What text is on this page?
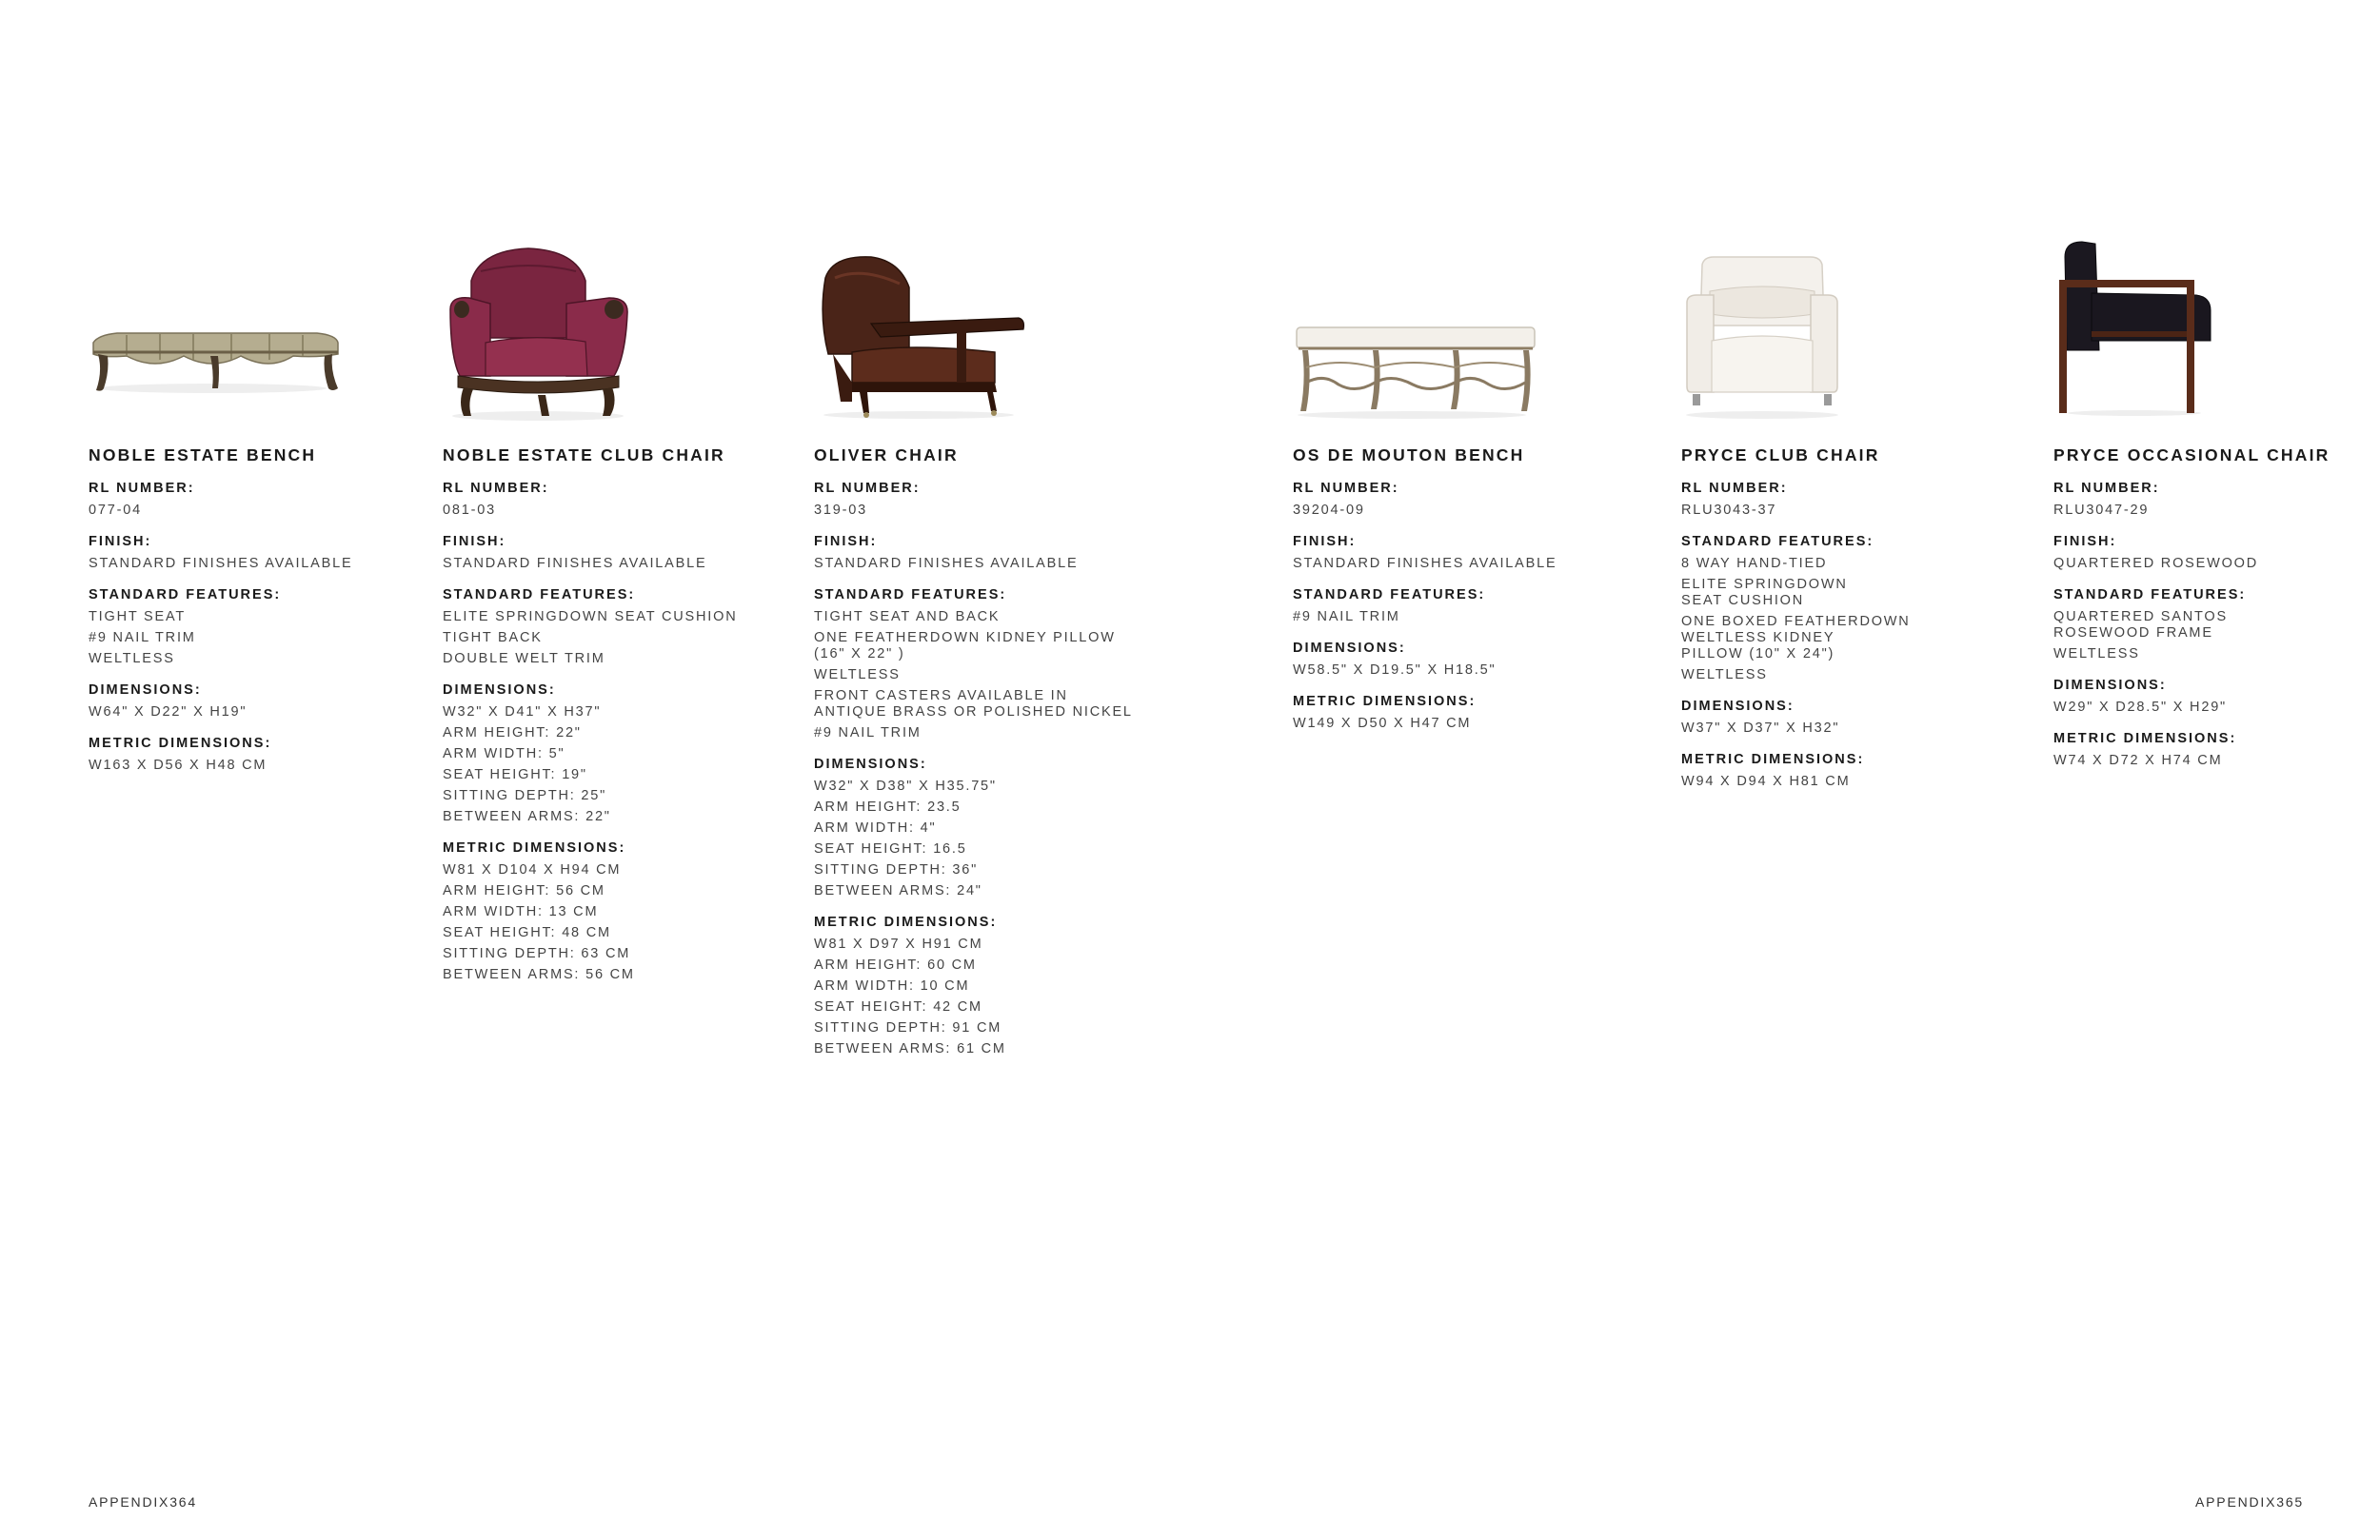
NOBLE ESTATE BENCH

RL NUMBER:

077-04

FINISH:

STANDARD FINISHES AVAILABLE

STANDARD FEATURES:

TIGHT SEAT

#9 NAIL TRIM

WELTLESS

DIMENSIONS:

W64" X D22" X H19"

METRIC DIMENSIONS:

W163 X D56 X H48 CM

NOBLE ESTATE CLUB CHAIR

RL NUMBER:

081-03

FINISH:

STANDARD FINISHES AVAILABLE

STANDARD FEATURES:

ELITE SPRINGDOWN SEAT CUSHION

TIGHT BACK

DOUBLE WELT TRIM

DIMENSIONS:

W32" X D41" X H37"

ARM HEIGHT: 22"

ARM WIDTH: 5"

SEAT HEIGHT: 19"

SITTING DEPTH: 25"

BETWEEN ARMS: 22"

METRIC DIMENSIONS:

W81 X D104 X H94 CM

ARM HEIGHT: 56 CM

ARM WIDTH: 13 CM

SEAT HEIGHT: 48 CM

SITTING DEPTH: 63 CM

BETWEEN ARMS: 56 CM

OLIVER CHAIR

RL NUMBER:

319-03

FINISH:

STANDARD FINISHES AVAILABLE

STANDARD FEATURES:

TIGHT SEAT AND BACK

ONE FEATHERDOWN KIDNEY PILLOW
(16" X 22" )

WELTLESS

FRONT CASTERS AVAILABLE IN
ANTIQUE BRASS OR POLISHED NICKEL

#9 NAIL TRIM

DIMENSIONS:

W32" X D38" X H35.75"

ARM HEIGHT: 23.5

ARM WIDTH: 4"

SEAT HEIGHT: 16.5

SITTING DEPTH: 36"

BETWEEN ARMS: 24"

METRIC DIMENSIONS:

W81 X D97 X H91 CM

ARM HEIGHT: 60 CM

ARM WIDTH: 10 CM

SEAT HEIGHT: 42 CM

SITTING DEPTH: 91 CM

BETWEEN ARMS: 61 CM

OS DE MOUTON BENCH

RL NUMBER:

39204-09

FINISH:

STANDARD FINISHES AVAILABLE

STANDARD FEATURES:

#9 NAIL TRIM

DIMENSIONS:

W58.5" X D19.5" X H18.5"

METRIC DIMENSIONS:

W149 X D50 X H47 CM

PRYCE CLUB CHAIR

RL NUMBER:

RLU3043-37

STANDARD FEATURES:

8 WAY HAND-TIED

ELITE SPRINGDOWN
SEAT CUSHION

ONE BOXED FEATHERDOWN
WELTLESS KIDNEY
PILLOW (10" X 24")

WELTLESS

DIMENSIONS:

W37" X D37" X H32"

METRIC DIMENSIONS:

W94 X D94 X H81 CM

PRYCE OCCASIONAL CHAIR

RL NUMBER:

RLU3047-29

FINISH:

QUARTERED ROSEWOOD

STANDARD FEATURES:

QUARTERED SANTOS
ROSEWOOD FRAME

WELTLESS

DIMENSIONS:

W29" X D28.5" X H29"

METRIC DIMENSIONS:

W74 X D72 X H74 CM

APPENDIX364	APPENDIX365
